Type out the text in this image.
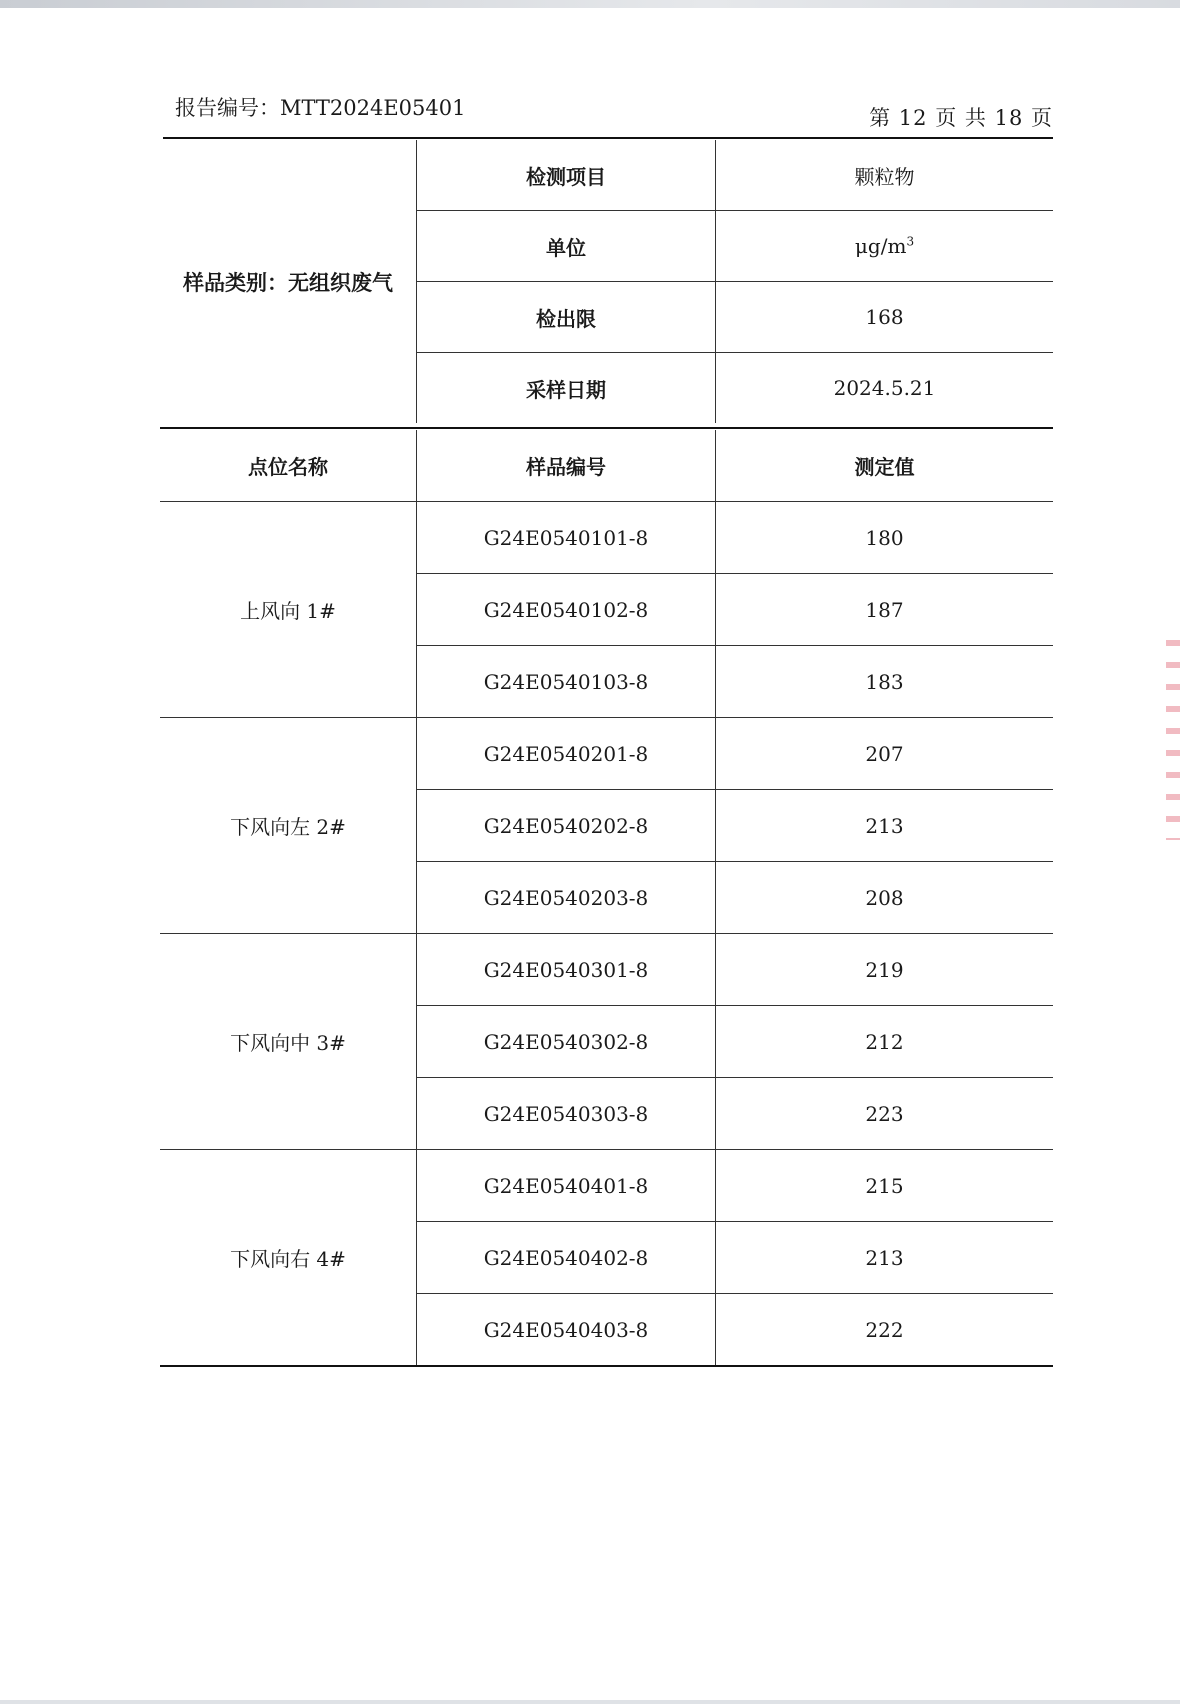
报告编号：MTT2024E05401	第 12 页 共 18 页
样品类别：无组织废气	检测项目	颗粒物
	单位	$\mu g/m^3$
	检出限	168
	采样日期	2024.5.21
点位名称	样品编号	测定值
上风向 1#	G24E0540101-8	180
	G24E0540102-8	187
	G24E0540103-8	183
下风向左 2#	G24E0540201-8	207
	G24E0540202-8	213
	G24E0540203-8	208
下风向中 3#	G24E0540301-8	219
	G24E0540302-8	212
	G24E0540303-8	223
下风向右 4#	G24E0540401-8	215
	G24E0540402-8	213
	G24E0540403-8	222
